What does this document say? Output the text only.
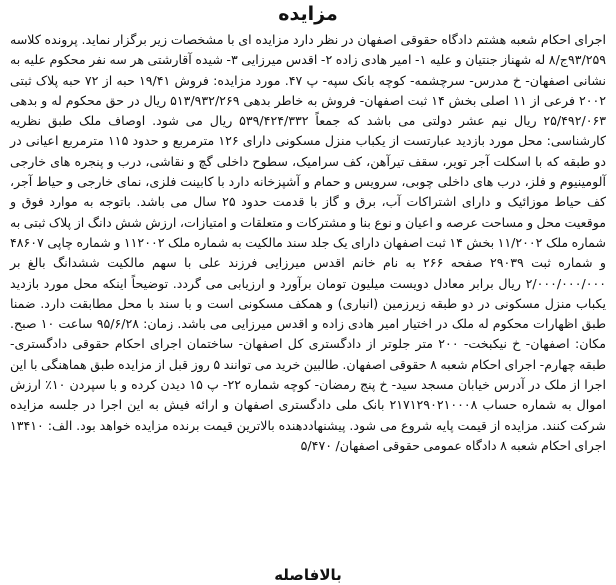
مزایده

اجرای احکام شعبه هشتم دادگاه حقوقی اصفهان در نظر دارد مزایده ای با مشخصات زیر برگزار نماید. پرونده کلاسه ۹۳/۲۵۹ج/۸ له شهناز جنتیان و علیه ۱- امیر هادی زاده ۲- اقدس میرزایی ۳- شیده آقارشتی هر سه نفر محکوم علیه به نشانی اصفهان- خ مدرس- سرچشمه- کوچه بانک سپه- پ ۴۷. مورد مزایده: فروش ۱۹/۴۱ حبه از ۷۲ حبه پلاک ثبتی ۲۰۰۲ فرعی از ۱۱ اصلی بخش ۱۴ ثبت اصفهان- فروش به خاطر بدهی ۵۱۳/۹۳۲/۲۶۹ ریال در حق محکوم له و بدهی ۲۵/۴۹۲/۰۶۳ ریال نیم عشر دولتی می باشد که جمعاً ۵۳۹/۴۲۴/۳۳۲ ریال می شود. اوصاف ملک طبق نظریه کارشناسی: محل مورد بازدید عبارتست از یکباب منزل مسکونی دارای ۱۲۶ مترمربع و حدود ۱۱۵ مترمربع اعیانی در دو طبقه که با اسکلت آجر تویر، سقف تیرآهن، کف سرامیک، سطوح داخلی گچ و نقاشی، درب و پنجره های خارجی آلومینیوم و فلز، درب های داخلی چوبی، سرویس و حمام و آشپزخانه دارد با کابینت فلزی، نمای خارجی و حیاط آجر، کف حیاط موزائیک و دارای اشتراکات آب، برق و گاز با قدمت حدود ۲۵ سال می باشد. باتوجه به موارد فوق و موقعیت محل و مساحت عرصه و اعیان و نوع بنا و مشترکات و متعلقات و امتیازات، ارزش شش دانگ از پلاک ثبتی به شماره ملک ۱۱/۲۰۰۲ بخش ۱۴ ثبت اصفهان دارای یک جلد سند مالکیت به شماره ملک ۱۱۲۰۰۲ و شماره چاپی ۴۸۶۰۷ و شماره ثبت ۲۹۰۳۹ صفحه ۲۶۶ به نام خانم اقدس میرزایی فرزند علی با سهم مالکیت ششدانگ بالغ بر ۲/۰۰۰/۰۰۰/۰۰۰ ریال برابر معادل دویست میلیون تومان برآورد و ارزیابی می گردد. توضیحاً اینکه محل مورد بازدید یکباب منزل مسکونی در دو طبقه زیرزمین (انباری) و همکف مسکونی است و با سند با محل مطابقت دارد. ضمنا طبق اظهارات محکوم له ملک در اختیار امیر هادی زاده و اقدس میرزایی می باشد. زمان: ۹۵/۶/۲۸ ساعت ۱۰ صبح. مکان: اصفهان- خ نیکبخت- ۲۰۰ متر جلوتر از دادگستری کل اصفهان- ساختمان اجرای احکام حقوقی دادگستری- طبقه چهارم- اجرای احکام شعبه ۸ حقوقی اصفهان. طالبین خرید می توانند ۵ روز قبل از مزایده طبق هماهنگی با این اجرا از ملک در آدرس خیابان مسجد سید- خ پنج رمضان- کوچه شماره ۲۲- پ ۱۵ دیدن کرده و با سپردن ۱۰٪ ارزش اموال به شماره حساب ۲۱۷۱۲۹۰۲۱۰۰۰۸ بانک ملی دادگستری اصفهان و ارائه فیش به این اجرا در جلسه مزایده شرکت کنند. مزایده از قیمت پایه شروع می شود. پیشنهاددهنده بالاترین قیمت برنده مزایده خواهد بود. الف: ۱۳۴۱۰ اجرای احکام شعبه ۸ دادگاه عمومی حقوقی اصفهان/ ۵/۴۷۰

بالافاصله
